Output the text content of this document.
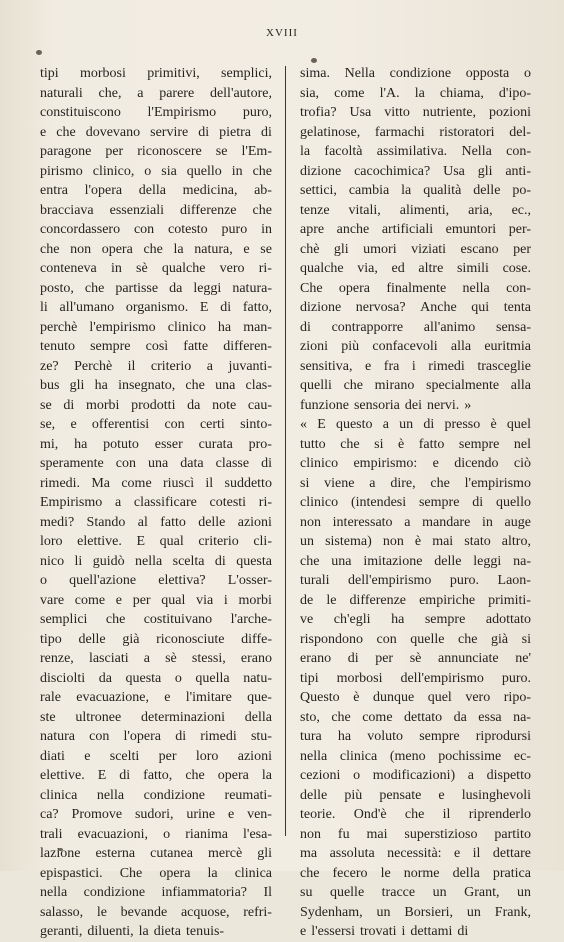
XVIII
tipi morbosi primitivi, semplici,
naturali che, a parere dell'autore,
constituiscono l'Empirismo puro,
e che dovevano servire di pietra di
paragone per riconoscere se l'Em-
pirismo clinico, o sia quello in che
entra l'opera della medicina, ab-
bracciava essenziali differenze che
concordassero con cotesto puro in
che non opera che la natura, e se
conteneva in sè qualche vero ri-
posto, che partisse da leggi natura-
li all'umano organismo. E di fatto,
perchè l'empirismo clinico ha man-
tenuto sempre così fatte differen-
ze? Perchè il criterio a juvanti-
bus gli ha insegnato, che una clas-
se di morbi prodotti da note cau-
se, e offerentisi con certi sinto-
mi, ha potuto esser curata pro-
speramente con una data classe di
rimedi. Ma come riuscì il suddetto
Empirismo a classificare cotesti ri-
medi? Stando al fatto delle azioni
loro elettive. E qual criterio cli-
nico li guidò nella scelta di questa
o quell'azione elettiva? L'osser-
vare come e per qual via i morbi
semplici che costituivano l'arche-
tipo delle già riconosciute diffe-
renze, lasciati a sè stessi, erano
disciolti da questa o quella natu-
rale evacuazione, e l'imitare que-
ste ultronee determinazioni della
natura con l'opera di rimedi stu-
diati e scelti per loro azioni
elettive. E di fatto, che opera la
clinica nella condizione reumati-
ca? Promove sudori, urine e ven-
trali evacuazioni, o rianima l'esa-
lazione esterna cutanea mercè gli
epispastici. Che opera la clinica
nella condizione infiammatoria? Il
salasso, le bevande acquose, refri-
geranti, diluenti, la dieta tenuis-
sima. Nella condizione opposta o
sia, come l'A. la chiama, d'ipo-
trofia? Usa vitto nutriente, pozioni
gelatinose, farmachi ristoratori del-
la facoltà assimilativa. Nella con-
dizione cacochimica? Usa gli anti-
settici, cambia la qualità delle po-
tenze vitali, alimenti, aria, ec.,
apre anche artificiali emuntori per-
chè gli umori viziati escano per
qualche via, ed altre simili cose.
Che opera finalmente nella con-
dizione nervosa? Anche qui tenta
di contrapporre all'animo sensa-
zioni più confacevoli alla euritmia
sensitiva, e fra i rimedi trasceglie
quelli che mirano specialmente alla
funzione sensoria dei nervi. »
« E questo a un di presso è quel
tutto che si è fatto sempre nel
clinico empirismo: e dicendo ciò
si viene a dire, che l'empirismo
clinico (intendesi sempre di quello
non interessato a mandare in auge
un sistema) non è mai stato altro,
che una imitazione delle leggi na-
turali dell'empirismo puro. Laon-
de le differenze empiriche primiti-
ve ch'egli ha sempre adottato
rispondono con quelle che già si
erano di per sè annunciate ne'
tipi morbosi dell'empirismo puro.
Questo è dunque quel vero ripo-
sto, che come dettato da essa na-
tura ha voluto sempre riprodursi
nella clinica (meno pochissime ec-
cezioni o modificazioni) a dispetto
delle più pensate e lusinghevoli
teorie. Ond'è che il riprenderlo
non fu mai superstizioso partito
ma assoluta necessità: e il dettare
che fecero le norme della pratica
su quelle tracce un Grant, un
Sydenham, un Borsieri, un Frank,
e l'essersi trovati i dettami di
